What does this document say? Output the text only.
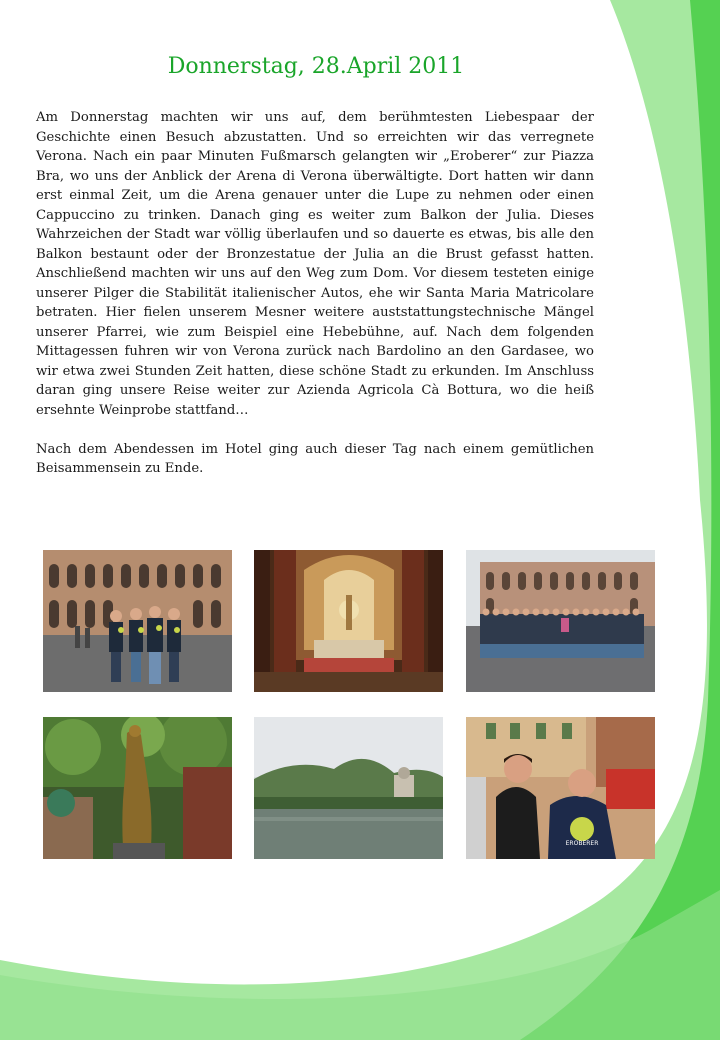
Donnerstag, 28.April 2011

Am Donnerstag machten wir uns auf, dem berühmtesten Liebespaar der Geschichte einen Besuch abzustatten. Und so erreichten wir das verregnete Verona. Nach ein paar Minuten Fußmarsch gelangten wir „Eroberer“ zur Piazza Bra, wo uns der Anblick der Arena di Verona überwältigte. Dort hatten wir dann erst einmal Zeit, um die Arena genauer unter die Lupe zu nehmen oder einen Cappuccino zu trinken. Danach ging es weiter zum Balkon der Julia. Dieses Wahrzeichen der Stadt war völlig überlaufen und so dauerte es etwas, bis alle den Balkon bestaunt oder der Bronzestatue der Julia an die Brust gefasst hatten. Anschließend machten wir uns auf den Weg zum Dom. Vor diesem testeten einige unserer Pilger die Stabilität italienischer Autos, ehe wir Santa Maria Matricolare betraten. Hier fielen unserem Mesner weitere auststattungstechnische Mängel unserer Pfarrei, wie zum Beispiel eine Hebebühne, auf. Nach dem folgenden Mittagessen fuhren wir von Verona zurück nach Bardolino an den Gardasee, wo wir etwa zwei Stunden Zeit hatten, diese schöne Stadt zu erkunden. Im Anschluss daran ging unsere Reise weiter zur Azienda Agricola Cà Bottura, wo die heiß ersehnte Weinprobe stattfand…

Nach dem Abendessen im Hotel ging auch dieser Tag nach einem gemütlichen Beisammensein zu Ende.

EROBERER
